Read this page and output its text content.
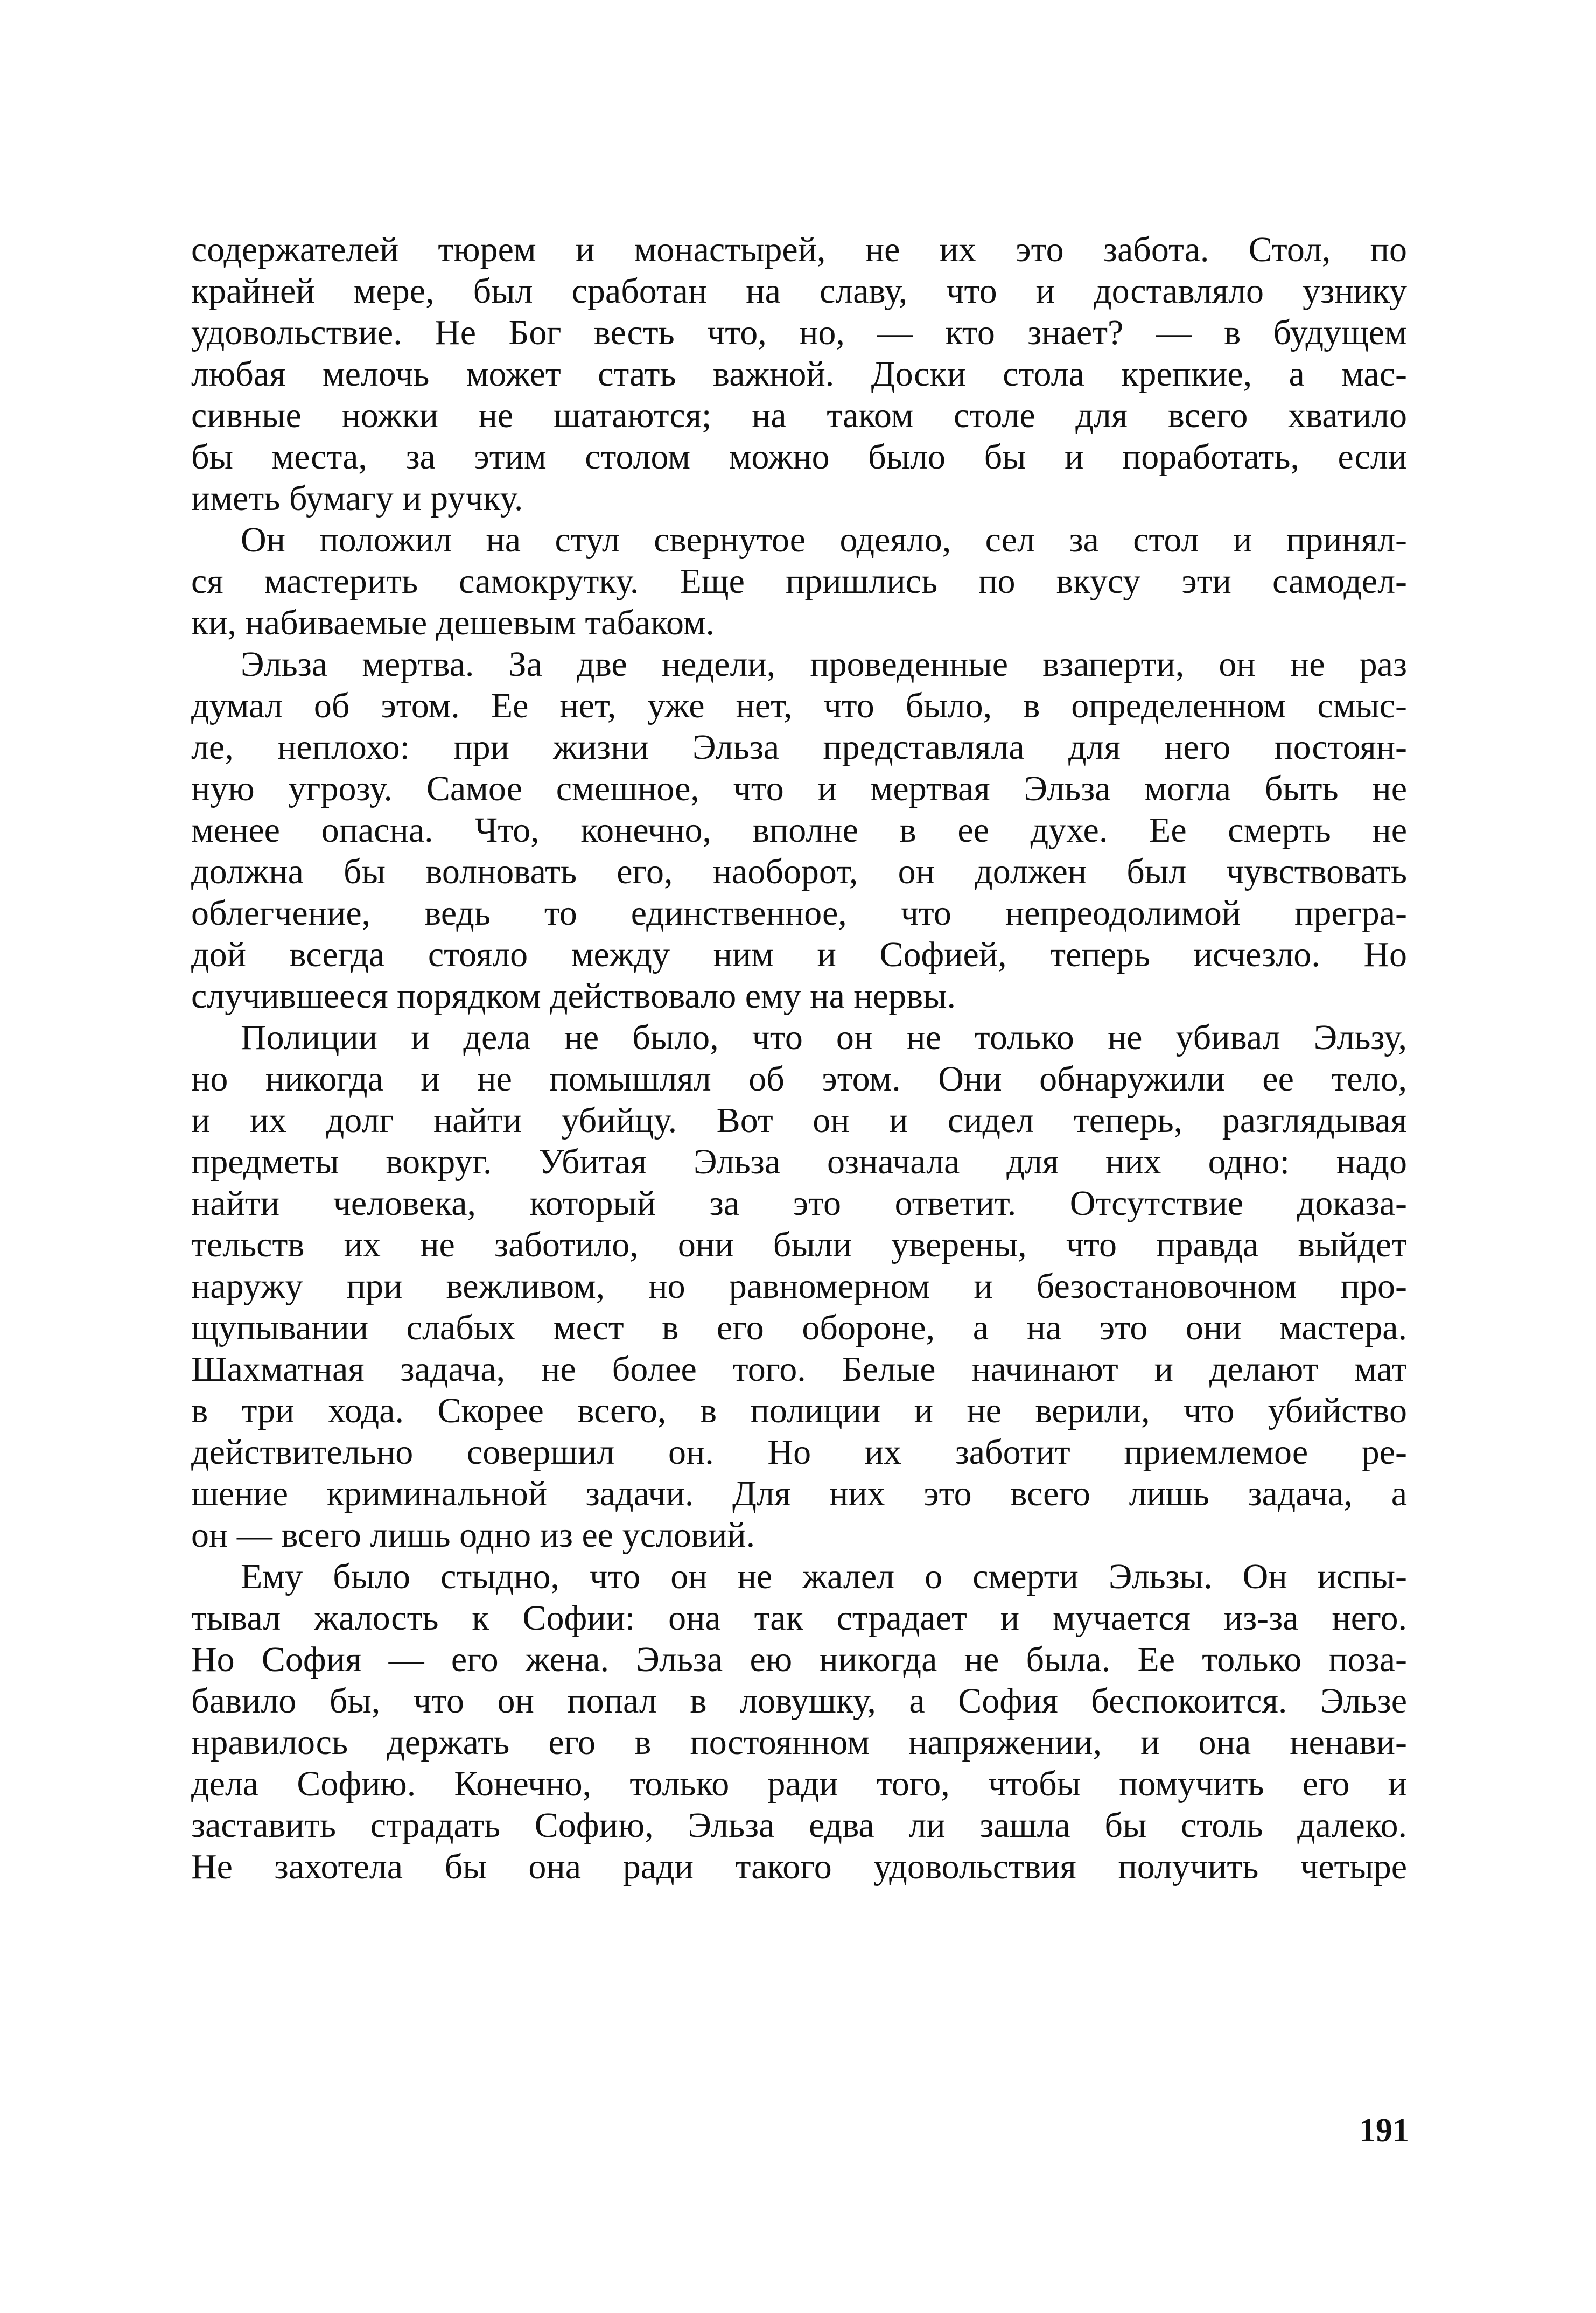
содержателей тюрем и монастырей, не их это забота. Стол, по
крайней мере, был сработан на славу, что и доставляло узнику
удовольствие. Не Бог весть что, но, — кто знает? — в будущем
любая мелочь может стать важной. Доски стола крепкие, а мас-
сивные ножки не шатаются; на таком столе для всего хватило
бы места, за этим столом можно было бы и поработать, если
иметь бумагу и ручку.
Он положил на стул свернутое одеяло, сел за стол и принял-
ся мастерить самокрутку. Еще пришлись по вкусу эти самодел-
ки, набиваемые дешевым табаком.
Эльза мертва. За две недели, проведенные взаперти, он не раз
думал об этом. Ее нет, уже нет, что было, в определенном смыс-
ле, неплохо: при жизни Эльза представляла для него постоян-
ную угрозу. Самое смешное, что и мертвая Эльза могла быть не
менее опасна. Что, конечно, вполне в ее духе. Ее смерть не
должна бы волновать его, наоборот, он должен был чувствовать
облегчение, ведь то единственное, что непреодолимой прегра-
дой всегда стояло между ним и Софией, теперь исчезло. Но
случившееся порядком действовало ему на нервы.
Полиции и дела не было, что он не только не убивал Эльзу,
но никогда и не помышлял об этом. Они обнаружили ее тело,
и их долг найти убийцу. Вот он и сидел теперь, разглядывая
предметы вокруг. Убитая Эльза означала для них одно: надо
найти человека, который за это ответит. Отсутствие доказа-
тельств их не заботило, они были уверены, что правда выйдет
наружу при вежливом, но равномерном и безостановочном про-
щупывании слабых мест в его обороне, а на это они мастера.
Шахматная задача, не более того. Белые начинают и делают мат
в три хода. Скорее всего, в полиции и не верили, что убийство
действительно совершил он. Но их заботит приемлемое ре-
шение криминальной задачи. Для них это всего лишь задача, а
он — всего лишь одно из ее условий.
Ему было стыдно, что он не жалел о смерти Эльзы. Он испы-
тывал жалость к Софии: она так страдает и мучается из-за него.
Но София — его жена. Эльза ею никогда не была. Ее только поза-
бавило бы, что он попал в ловушку, а София беспокоится. Эльзе
нравилось держать его в постоянном напряжении, и она ненави-
дела Софию. Конечно, только ради того, чтобы помучить его и
заставить страдать Софию, Эльза едва ли зашла бы столь далеко.
Не захотела бы она ради такого удовольствия получить четыре
191
